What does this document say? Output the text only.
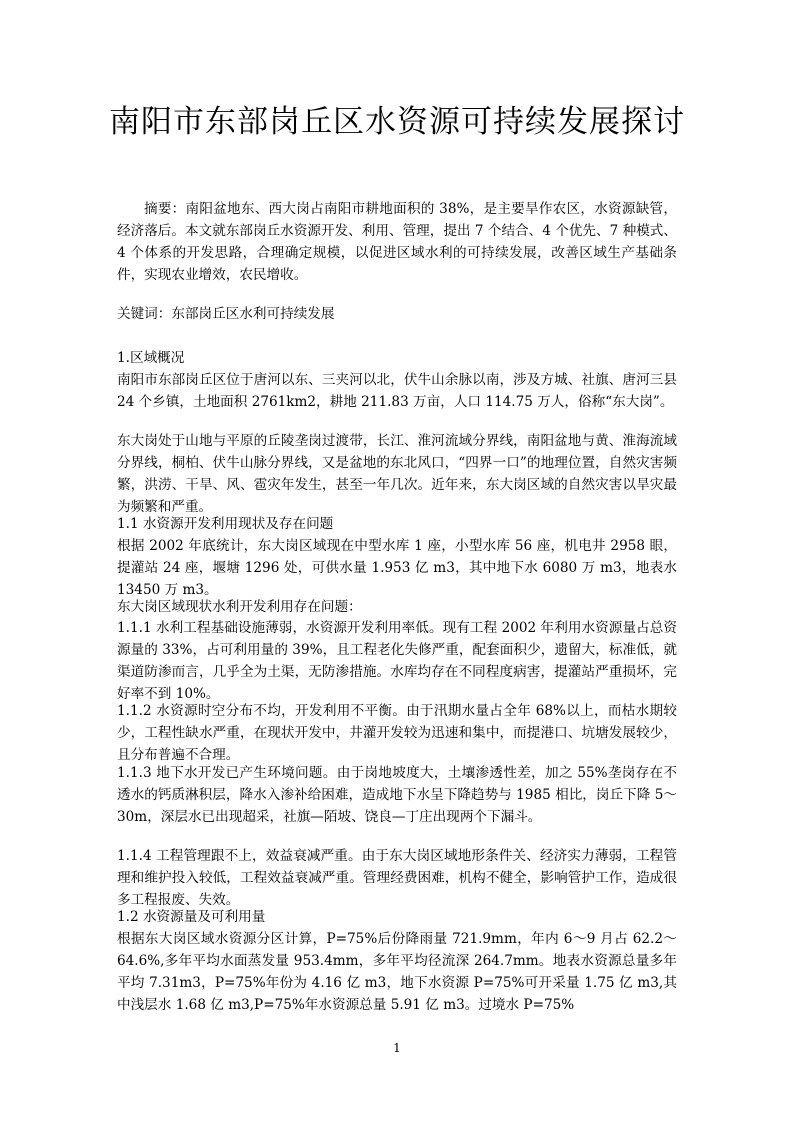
南阳市东部岗丘区水资源可持续发展探讨

摘要：南阳盆地东、西大岗占南阳市耕地面积的 38%，是主要旱作农区，水资源缺管，经济落后。本文就东部岗丘水资源开发、利用、管理，提出 7 个结合、4 个优先、7 种模式、4 个体系的开发思路，合理确定规模，以促进区域水利的可持续发展，改善区域生产基础条件，实现农业增效，农民增收。

关键词：东部岗丘区水利可持续发展

1.区域概况

南阳市东部岗丘区位于唐河以东、三夹河以北，伏牛山余脉以南，涉及方城、社旗、唐河三县 24 个乡镇，土地面积 2761km2，耕地 211.83 万亩，人口 114.75 万人，俗称“东大岗”。

东大岗处于山地与平原的丘陵垄岗过渡带，长江、淮河流域分界线，南阳盆地与黄、淮海流域分界线，桐柏、伏牛山脉分界线，又是盆地的东北风口，“四界一口”的地理位置，自然灾害频繁，洪涝、干旱、风、雹灾年发生，甚至一年几次。近年来，东大岗区域的自然灾害以旱灾最为频繁和严重。

1.1 水资源开发利用现状及存在问题

根据 2002 年底统计，东大岗区域现在中型水库 1 座，小型水库 56 座，机电井 2958 眼，提灌站 24 座，堰塘 1296 处，可供水量 1.953 亿 m3，其中地下水 6080 万 m3，地表水 13450 万 m3。

东大岗区域现状水利开发利用存在问题：

1.1.1 水利工程基础设施薄弱，水资源开发利用率低。现有工程 2002 年利用水资源量占总资源量的 33%，占可利用量的 39%，且工程老化失修严重，配套面积少，遗留大，标准低，就渠道防渗而言，几乎全为土渠，无防渗措施。水库均存在不同程度病害，提灌站严重损坏，完好率不到 10%。

1.1.2 水资源时空分布不均，开发利用不平衡。由于汛期水量占全年 68%以上，而枯水期较少，工程性缺水严重，在现状开发中，井灌开发较为迅速和集中，而提港口、坑塘发展较少，且分布普遍不合理。

1.1.3 地下水开发已产生环境问题。由于岗地坡度大，土壤渗透性差，加之 55%垄岗存在不透水的钙质淋积层，降水入渗补给困难，造成地下水呈下降趋势与 1985 相比，岗丘下降 5～30m，深层水已出现超采，社旗—陌坡、饶良—丁庄出现两个下漏斗。

1.1.4 工程管理跟不上，效益衰减严重。由于东大岗区域地形条件关、经济实力薄弱，工程管理和维护投入较低，工程效益衰减严重。管理经费困难，机构不健全，影响管护工作，造成很多工程报废、失效。

1.2 水资源量及可利用量

根据东大岗区域水资源分区计算，P=75%后份降雨量 721.9mm，年内 6～9 月占 62.2～64.6%,多年平均水面蒸发量 953.4mm，多年平均径流深 264.7mm。地表水资源总量多年平均 7.31m3，P=75%年份为 4.16 亿 m3，地下水资源 P=75%可开采量 1.75 亿 m3,其中浅层水 1.68 亿 m3,P=75%年水资源总量 5.91 亿 m3。过境水 P=75%

1
